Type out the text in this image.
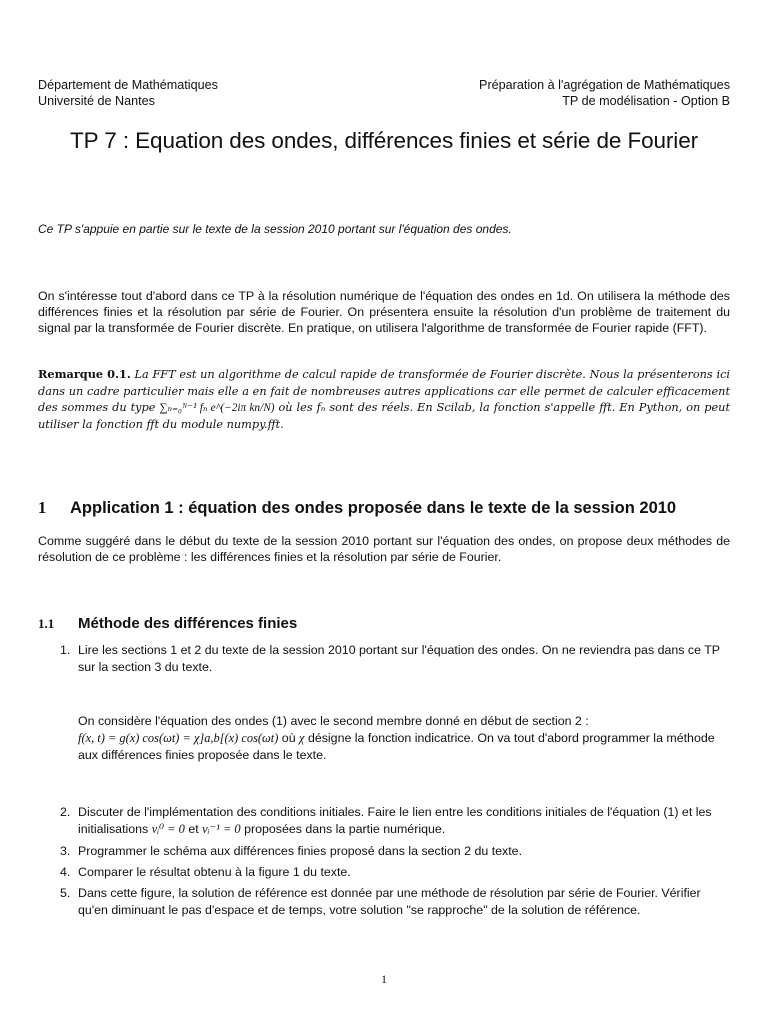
Département de Mathématiques
Université de Nantes
Préparation à l'agrégation de Mathématiques
TP de modélisation - Option B
TP 7 : Equation des ondes, différences finies et série de Fourier
Ce TP s'appuie en partie sur le texte de la session 2010 portant sur l'équation des ondes.
On s'intéresse tout d'abord dans ce TP à la résolution numérique de l'équation des ondes en 1d. On utilisera la méthode des différences finies et la résolution par série de Fourier. On présentera ensuite la résolution d'un problème de traitement du signal par la transformée de Fourier discrète. En pratique, on utilisera l'algorithme de transformée de Fourier rapide (FFT).
Remarque 0.1. La FFT est un algorithme de calcul rapide de transformée de Fourier discrète. Nous la présenterons ici dans un cadre particulier mais elle a en fait de nombreuses autres applications car elle permet de calculer efficacement des sommes du type ∑ₙ₌₀ᴺ⁻¹ fₙ e^(−2iπ kn/N) où les fₙ sont des réels. En Scilab, la fonction s'appelle fft. En Python, on peut utiliser la fonction fft du module numpy.fft.
1 Application 1 : équation des ondes proposée dans le texte de la session 2010
Comme suggéré dans le début du texte de la session 2010 portant sur l'équation des ondes, on propose deux méthodes de résolution de ce problème : les différences finies et la résolution par série de Fourier.
1.1 Méthode des différences finies
1. Lire les sections 1 et 2 du texte de la session 2010 portant sur l'équation des ondes. On ne reviendra pas dans ce TP sur la section 3 du texte.
On considère l'équation des ondes (1) avec le second membre donné en début de section 2 :
f(x, t) = g(x) cos(ωt) = χ]a,b[(x) cos(ωt) où χ désigne la fonction indicatrice. On va tout d'abord programmer la méthode aux différences finies proposée dans le texte.
2. Discuter de l'implémentation des conditions initiales. Faire le lien entre les conditions initiales de l'équation (1) et les initialisations vᵢ⁰ = 0 et vᵢ⁻¹ = 0 proposées dans la partie numérique.
3. Programmer le schéma aux différences finies proposé dans la section 2 du texte.
4. Comparer le résultat obtenu à la figure 1 du texte.
5. Dans cette figure, la solution de référence est donnée par une méthode de résolution par série de Fourier. Vérifier qu'en diminuant le pas d'espace et de temps, votre solution "se rapproche" de la solution de référence.
1
